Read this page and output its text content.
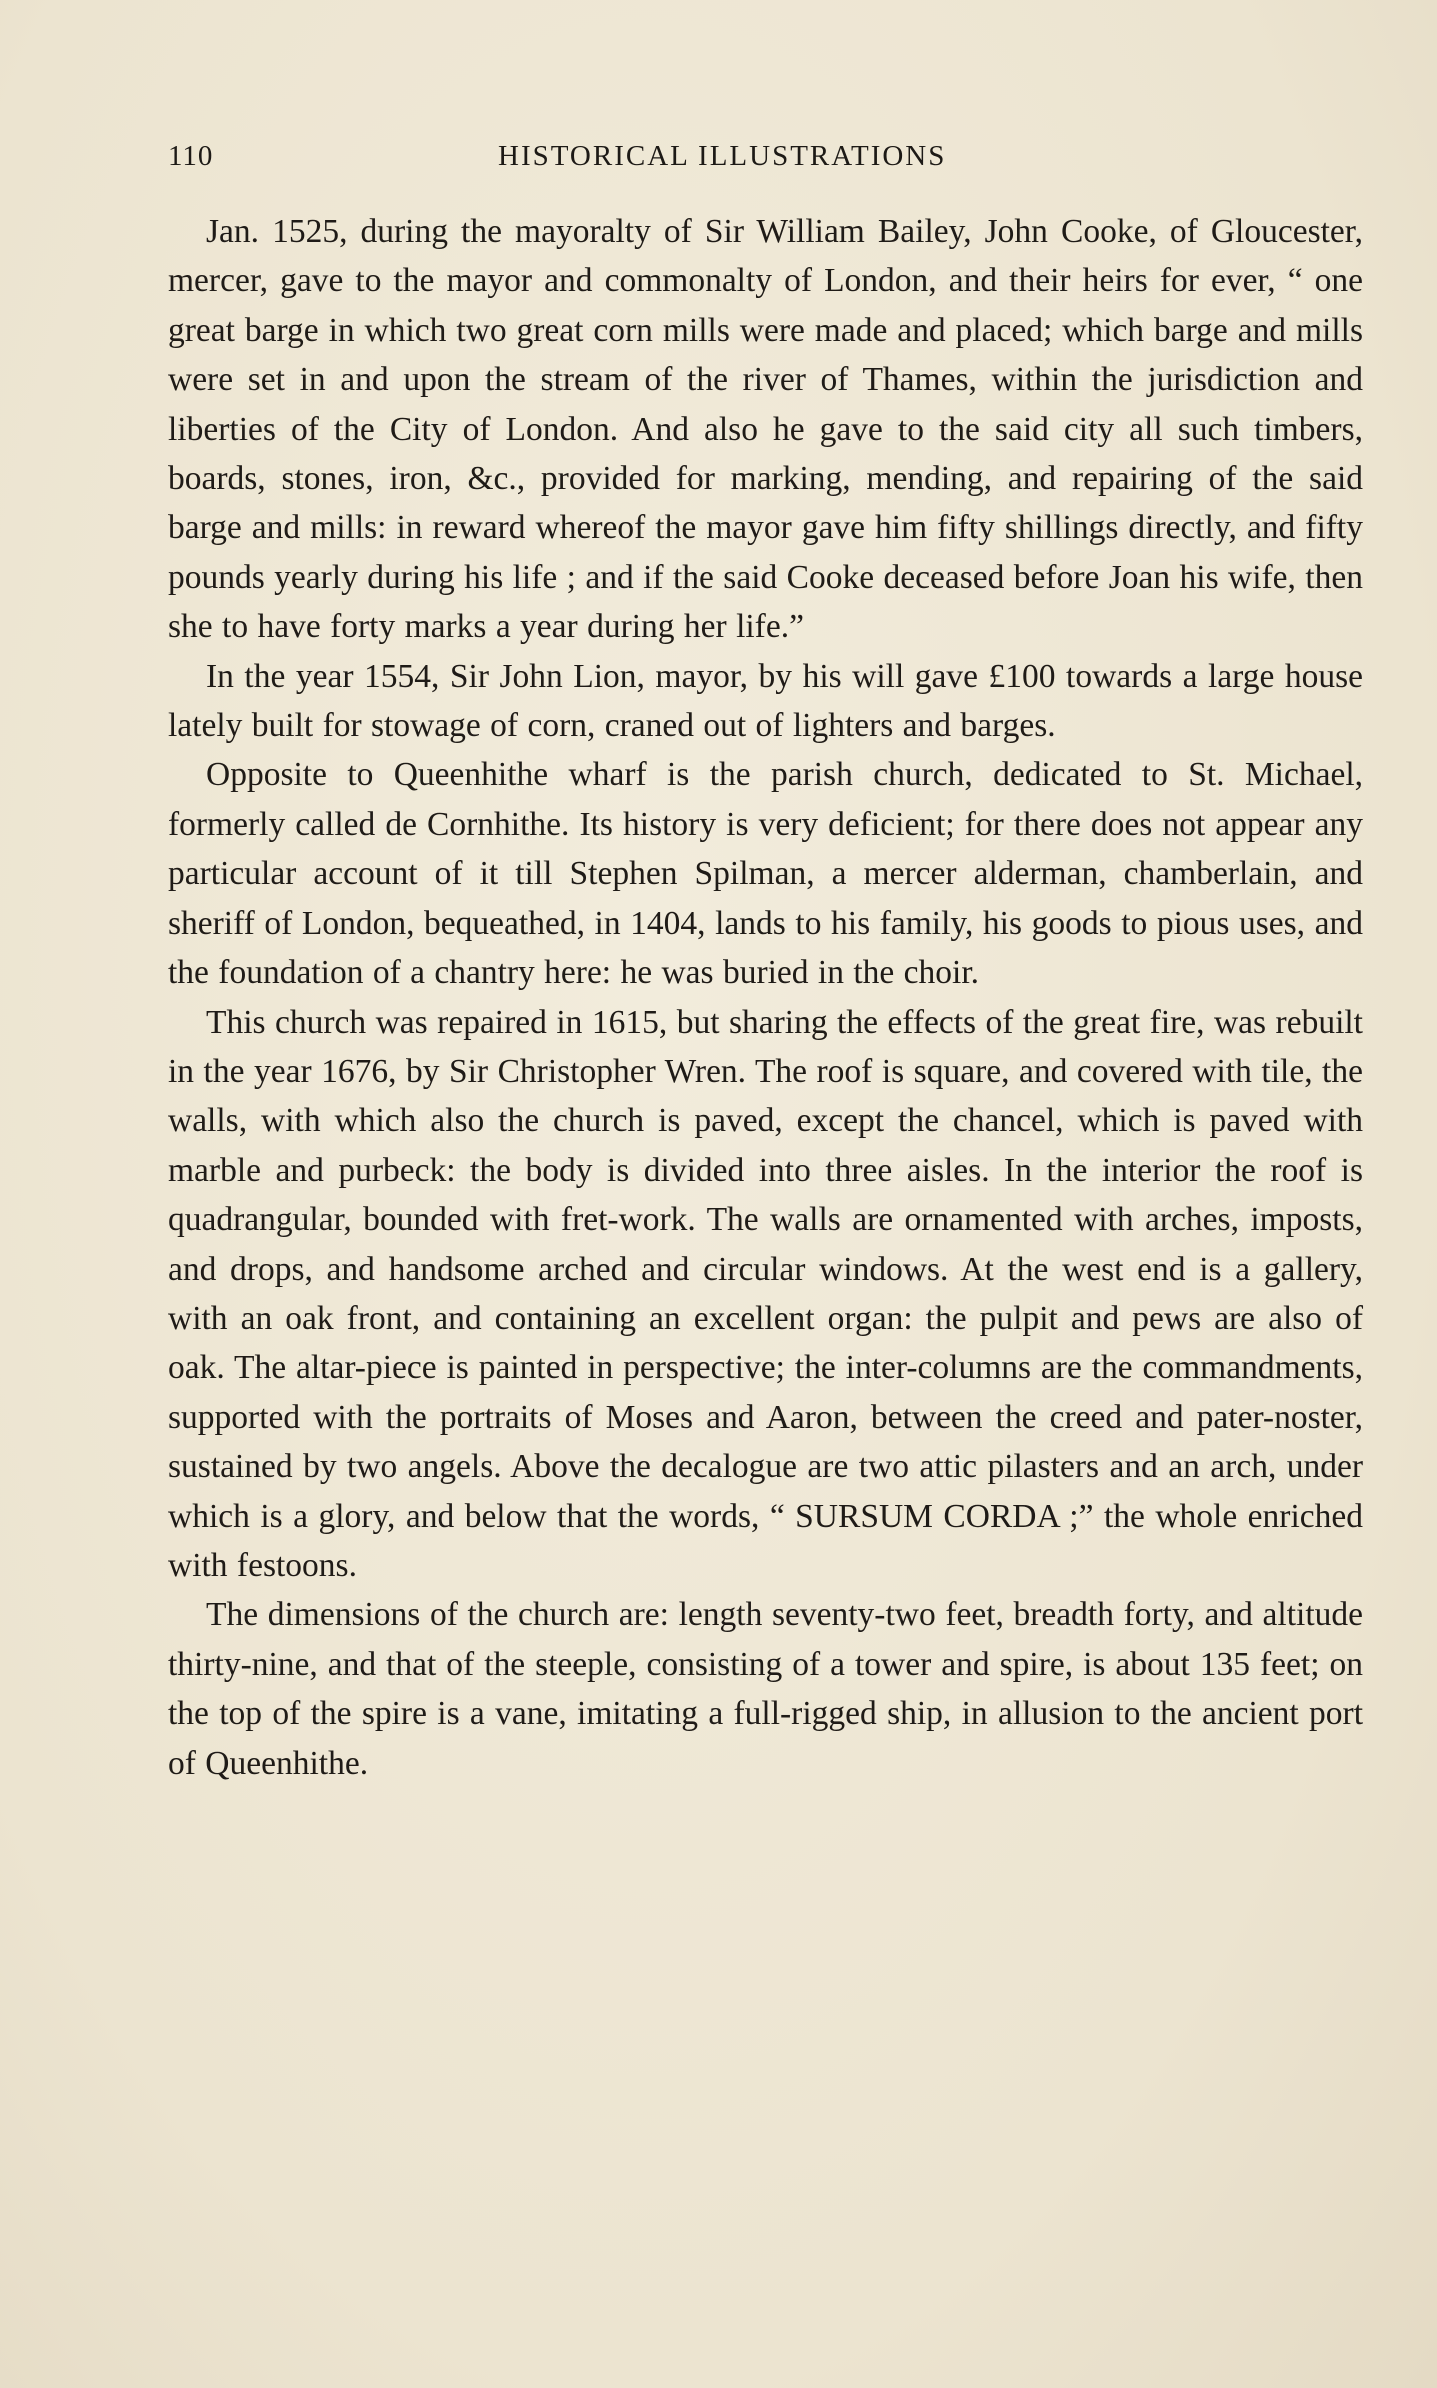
110	HISTORICAL ILLUSTRATIONS

Jan. 1525, during the mayoralty of Sir William Bailey, John Cooke, of Gloucester, mercer, gave to the mayor and commonalty of London, and their heirs for ever, “ one great barge in which two great corn mills were made and placed; which barge and mills were set in and upon the stream of the river of Thames, within the jurisdiction and liberties of the City of London. And also he gave to the said city all such timbers, boards, stones, iron, &c., provided for marking, mending, and repairing of the said barge and mills: in reward whereof the mayor gave him fifty shillings directly, and fifty pounds yearly during his life ; and if the said Cooke deceased before Joan his wife, then she to have forty marks a year during her life.”

In the year 1554, Sir John Lion, mayor, by his will gave £100 towards a large house lately built for stowage of corn, craned out of lighters and barges.

Opposite to Queenhithe wharf is the parish church, dedicated to St. Michael, formerly called de Cornhithe. Its history is very deficient; for there does not appear any particular account of it till Stephen Spilman, a mercer alderman, chamberlain, and sheriff of London, bequeathed, in 1404, lands to his family, his goods to pious uses, and the foundation of a chantry here: he was buried in the choir.

This church was repaired in 1615, but sharing the effects of the great fire, was rebuilt in the year 1676, by Sir Christopher Wren. The roof is square, and covered with tile, the walls, with which also the church is paved, except the chancel, which is paved with marble and purbeck: the body is divided into three aisles. In the interior the roof is quadrangular, bounded with fret-work. The walls are ornamented with arches, imposts, and drops, and handsome arched and circular windows. At the west end is a gallery, with an oak front, and containing an excellent organ: the pulpit and pews are also of oak. The altar-piece is painted in perspective; the inter-columns are the commandments, supported with the portraits of Moses and Aaron, between the creed and pater-noster, sustained by two angels. Above the decalogue are two attic pilasters and an arch, under which is a glory, and below that the words, “ SURSUM CORDA ;” the whole enriched with festoons.

The dimensions of the church are: length seventy-two feet, breadth forty, and altitude thirty-nine, and that of the steeple, consisting of a tower and spire, is about 135 feet; on the top of the spire is a vane, imitating a full-rigged ship, in allusion to the ancient port of Queenhithe.
